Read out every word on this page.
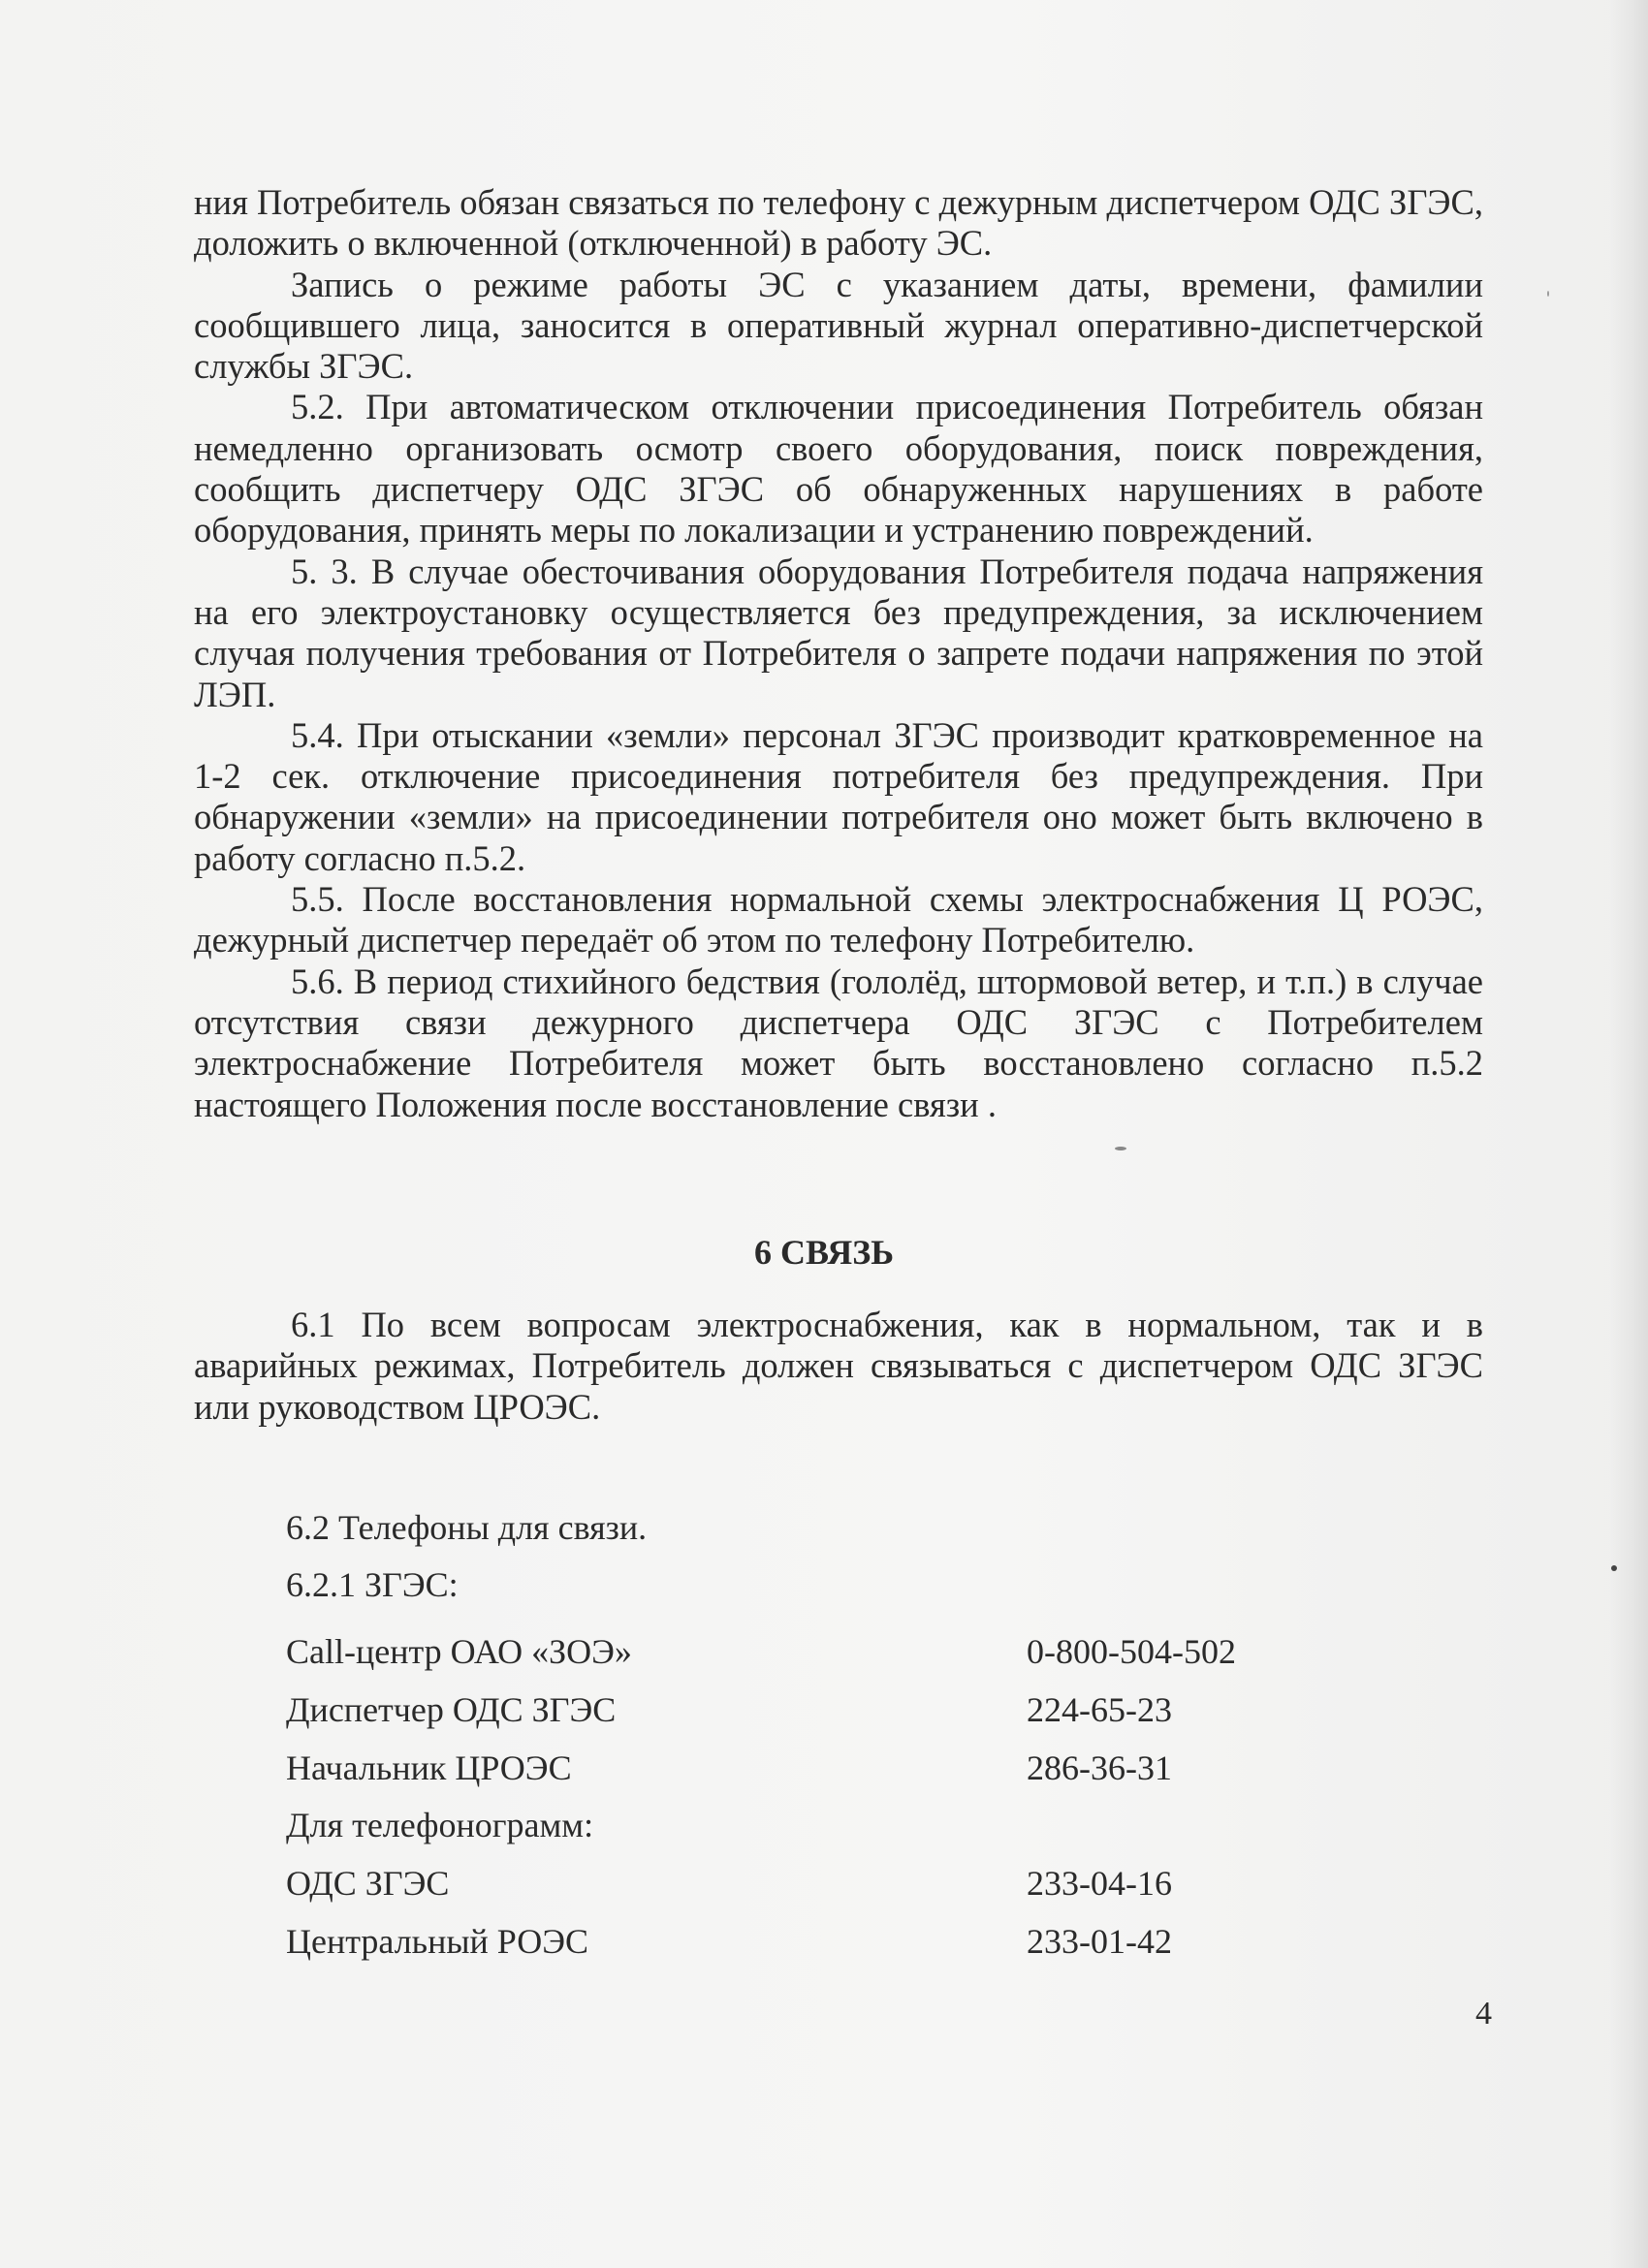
ния Потребитель обязан связаться по телефону с дежурным диспетчером ОДС ЗГЭС, доложить о включенной (отключенной) в работу ЭС.

Запись о режиме работы ЭС с указанием даты, времени, фамилии сообщившего лица, заносится в оперативный журнал оперативно-диспетчерской службы ЗГЭС.

5.2. При автоматическом отключении присоединения Потребитель обязан немедленно организовать осмотр своего оборудования, поиск повреждения, сообщить диспетчеру ОДС ЗГЭС об обнаруженных нарушениях в работе оборудования, принять меры по локализации и устранению повреждений.

5. 3. В случае обесточивания оборудования Потребителя подача напряжения на его электроустановку осуществляется без предупреждения, за исключением случая получения требования от Потребителя о запрете подачи напряжения по этой ЛЭП.

5.4. При отыскании «земли» персонал ЗГЭС производит кратковременное на 1-2 сек. отключение присоединения потребителя без предупреждения. При обнаружении «земли» на присоединении потребителя оно может быть включено в работу согласно п.5.2.

5.5. После восстановления нормальной схемы электроснабжения Ц РОЭС, дежурный диспетчер передаёт об этом по телефону Потребителю.

5.6. В период стихийного бедствия (гололёд, штормовой ветер, и т.п.) в случае отсутствия связи дежурного диспетчера ОДС ЗГЭС с Потребителем электроснабжение Потребителя может быть восстановлено согласно п.5.2 настоящего Положения после восстановление связи .

6 СВЯЗЬ

6.1 По всем вопросам электроснабжения, как в нормальном, так и в аварийных режимах, Потребитель должен связываться с диспетчером ОДС ЗГЭС или руководством ЦРОЭС.

6.2 Телефоны для связи.

6.2.1 ЗГЭС:

Call-центр ОАО «ЗОЭ»	0-800-504-502
Диспетчер ОДС ЗГЭС	224-65-23
Начальник ЦРОЭС	286-36-31
Для телефонограмм:
ОДС ЗГЭС	233-04-16
Центральный РОЭС	233-01-42
4
